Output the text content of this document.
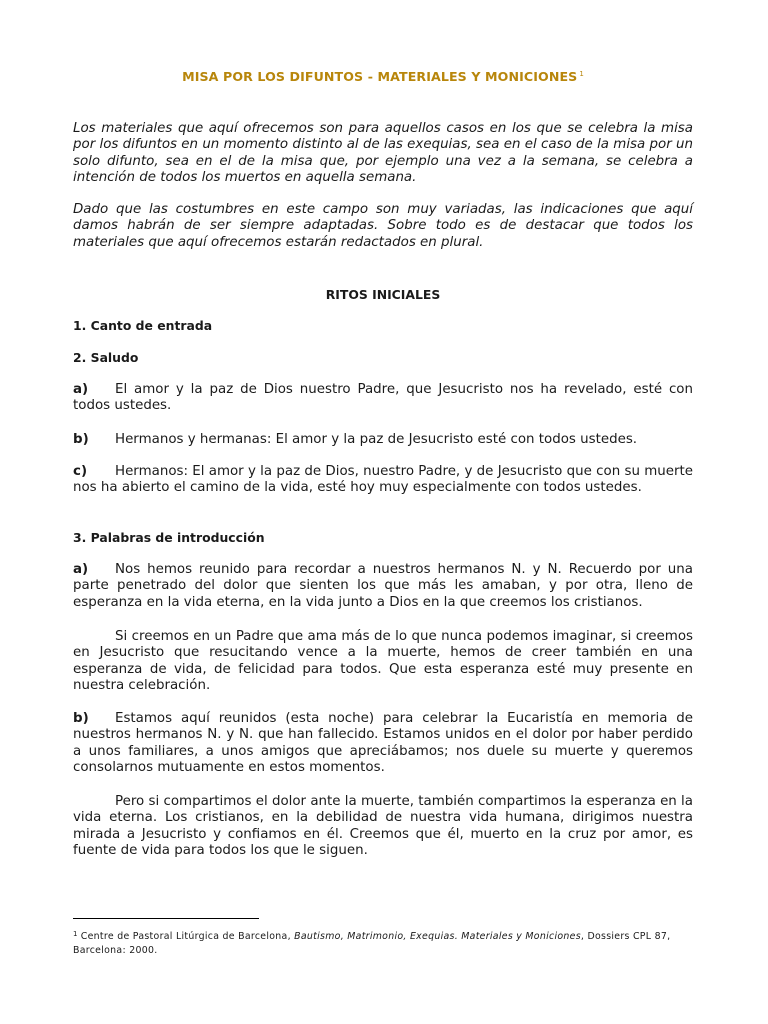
MISA POR LOS DIFUNTOS - MATERIALES Y MONICIONES $^1$

Los materiales que aquí ofrecemos son para aquellos casos en los que se celebra la misa por los difuntos en un momento distinto al de las exequias, sea en el caso de la misa por un solo difunto, sea en el de la misa que, por ejemplo una vez a la semana, se celebra a intención de todos los muertos en aquella semana.

Dado que las costumbres en este campo son muy variadas, las indicaciones que aquí damos habrán de ser siempre adaptadas. Sobre todo es de destacar que todos los materiales que aquí ofrecemos estarán redactados en plural.

RITOS INICIALES
1. Canto de entrada
2. Saludo

a) El amor y la paz de Dios nuestro Padre, que Jesucristo nos ha revelado, esté con todos ustedes.

b) Hermanos y hermanas: El amor y la paz de Jesucristo esté con todos ustedes.

c) Hermanos: El amor y la paz de Dios, nuestro Padre, y de Jesucristo que con su muerte nos ha abierto el camino de la vida, esté hoy muy especialmente con todos ustedes.

3. Palabras de introducción

a) Nos hemos reunido para recordar a nuestros hermanos N. y N. Recuerdo por una parte penetrado del dolor que sienten los que más les amaban, y por otra, lleno de esperanza en la vida eterna, en la vida junto a Dios en la que creemos los cristianos.

Si creemos en un Padre que ama más de lo que nunca podemos imaginar, si creemos en Jesucristo que resucitando vence a la muerte, hemos de creer también en una esperanza de vida, de felicidad para todos. Que esta esperanza esté muy presente en nuestra celebración.

b) Estamos aquí reunidos (esta noche) para celebrar la Eucaristía en memoria de nuestros hermanos N. y N. que han fallecido. Estamos unidos en el dolor por haber perdido a unos familiares, a unos amigos que apreciábamos; nos duele su muerte y queremos consolarnos mutuamente en estos momentos.

Pero si compartimos el dolor ante la muerte, también compartimos la esperanza en la vida eterna. Los cristianos, en la debilidad de nuestra vida humana, dirigimos nuestra mirada a Jesucristo y confiamos en él. Creemos que él, muerto en la cruz por amor, es fuente de vida para todos los que le siguen.

$^1$ Centre de Pastoral Litúrgica de Barcelona, Bautismo, Matrimonio, Exequias. Materiales y Moniciones, Dossiers CPL 87, Barcelona: 2000.
